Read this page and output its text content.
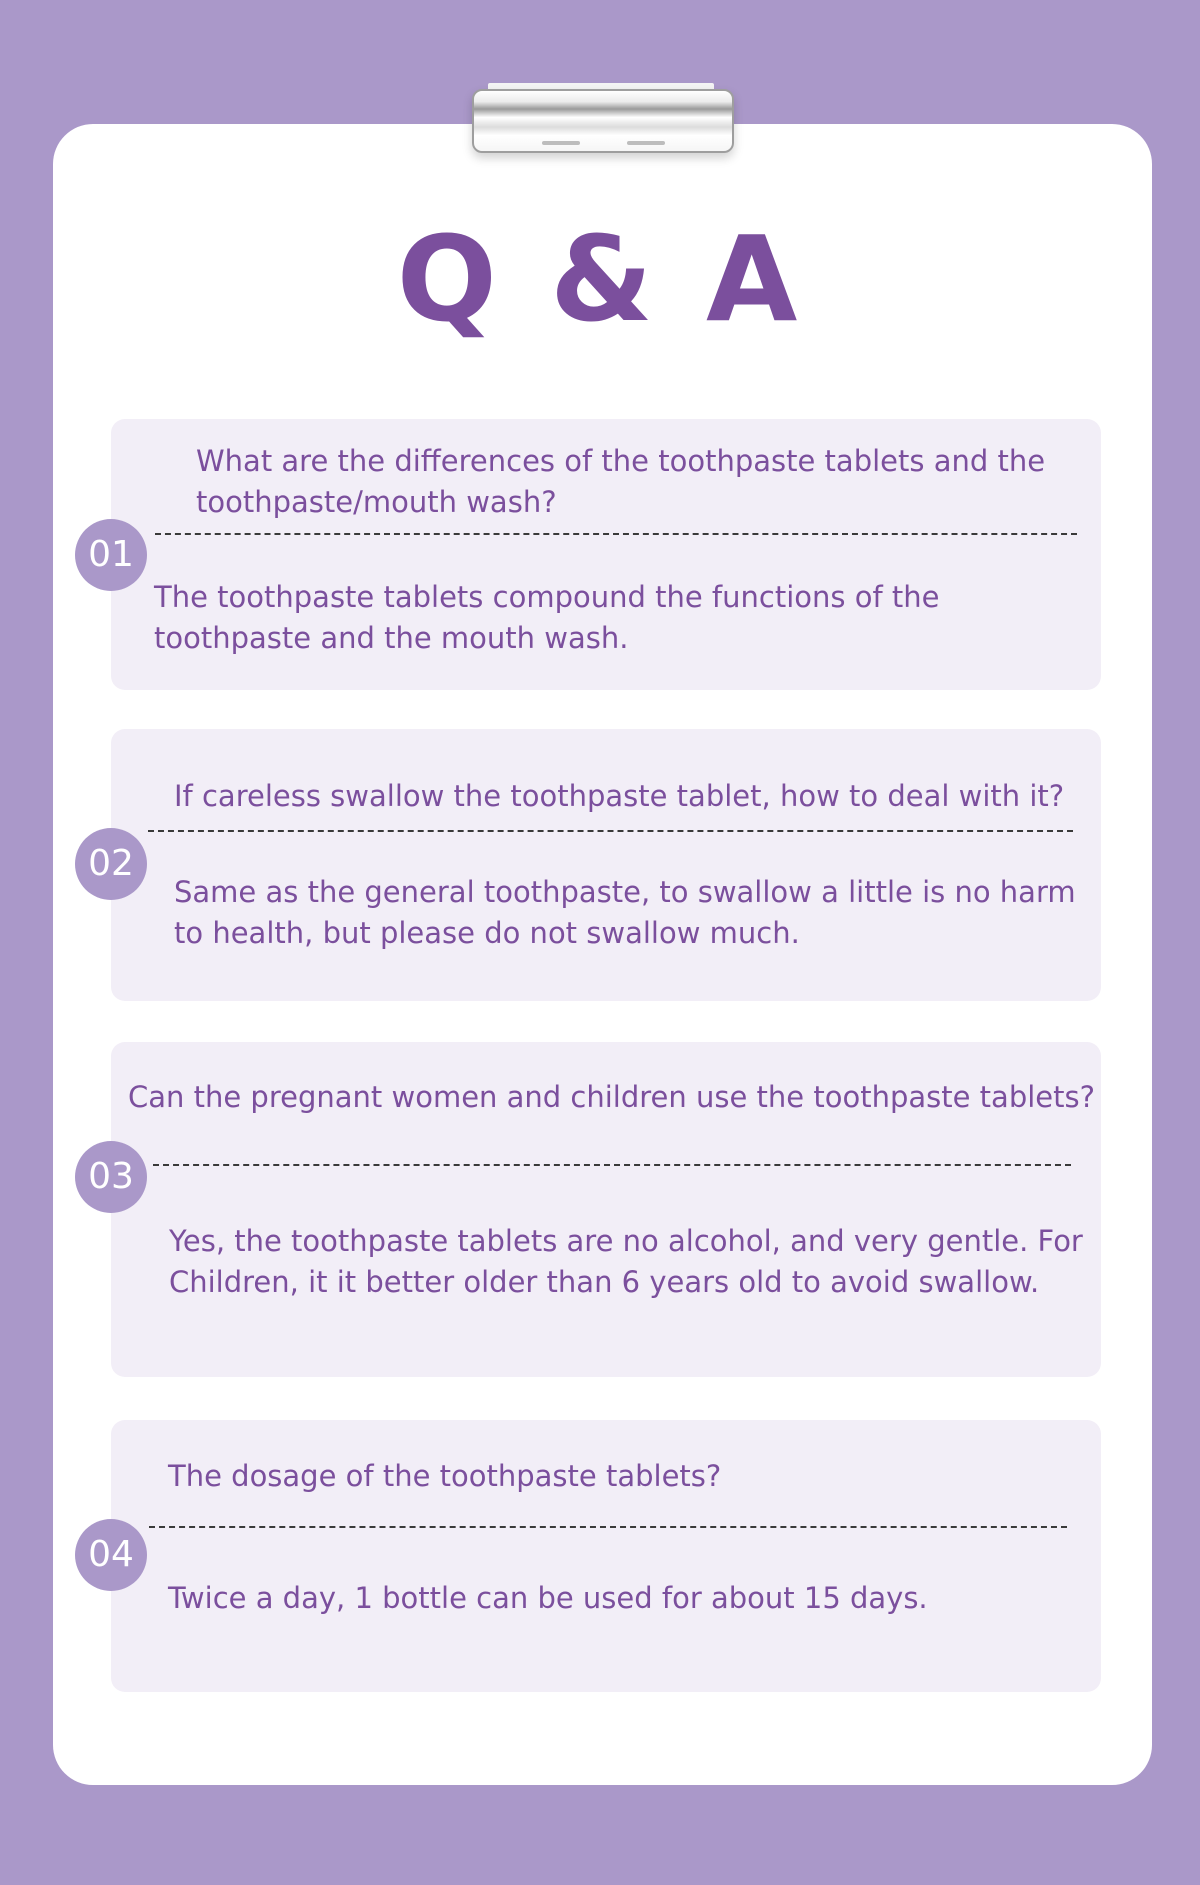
Q & A

What are the differences of the toothpaste tablets and the toothpaste/mouth wash?

The toothpaste tablets compound the functions of the toothpaste and the mouth wash.

01

If careless swallow the toothpaste tablet, how to deal with it?

Same as the general toothpaste, to swallow a little is no harm to health, but please do not swallow much.

02

Can the pregnant women and children use the toothpaste tablets?

Yes, the toothpaste tablets are no alcohol, and very gentle. For Children, it it better older than 6 years old to avoid swallow.

03

The dosage of the toothpaste tablets?

Twice a day, 1 bottle can be used for about 15 days.

04
